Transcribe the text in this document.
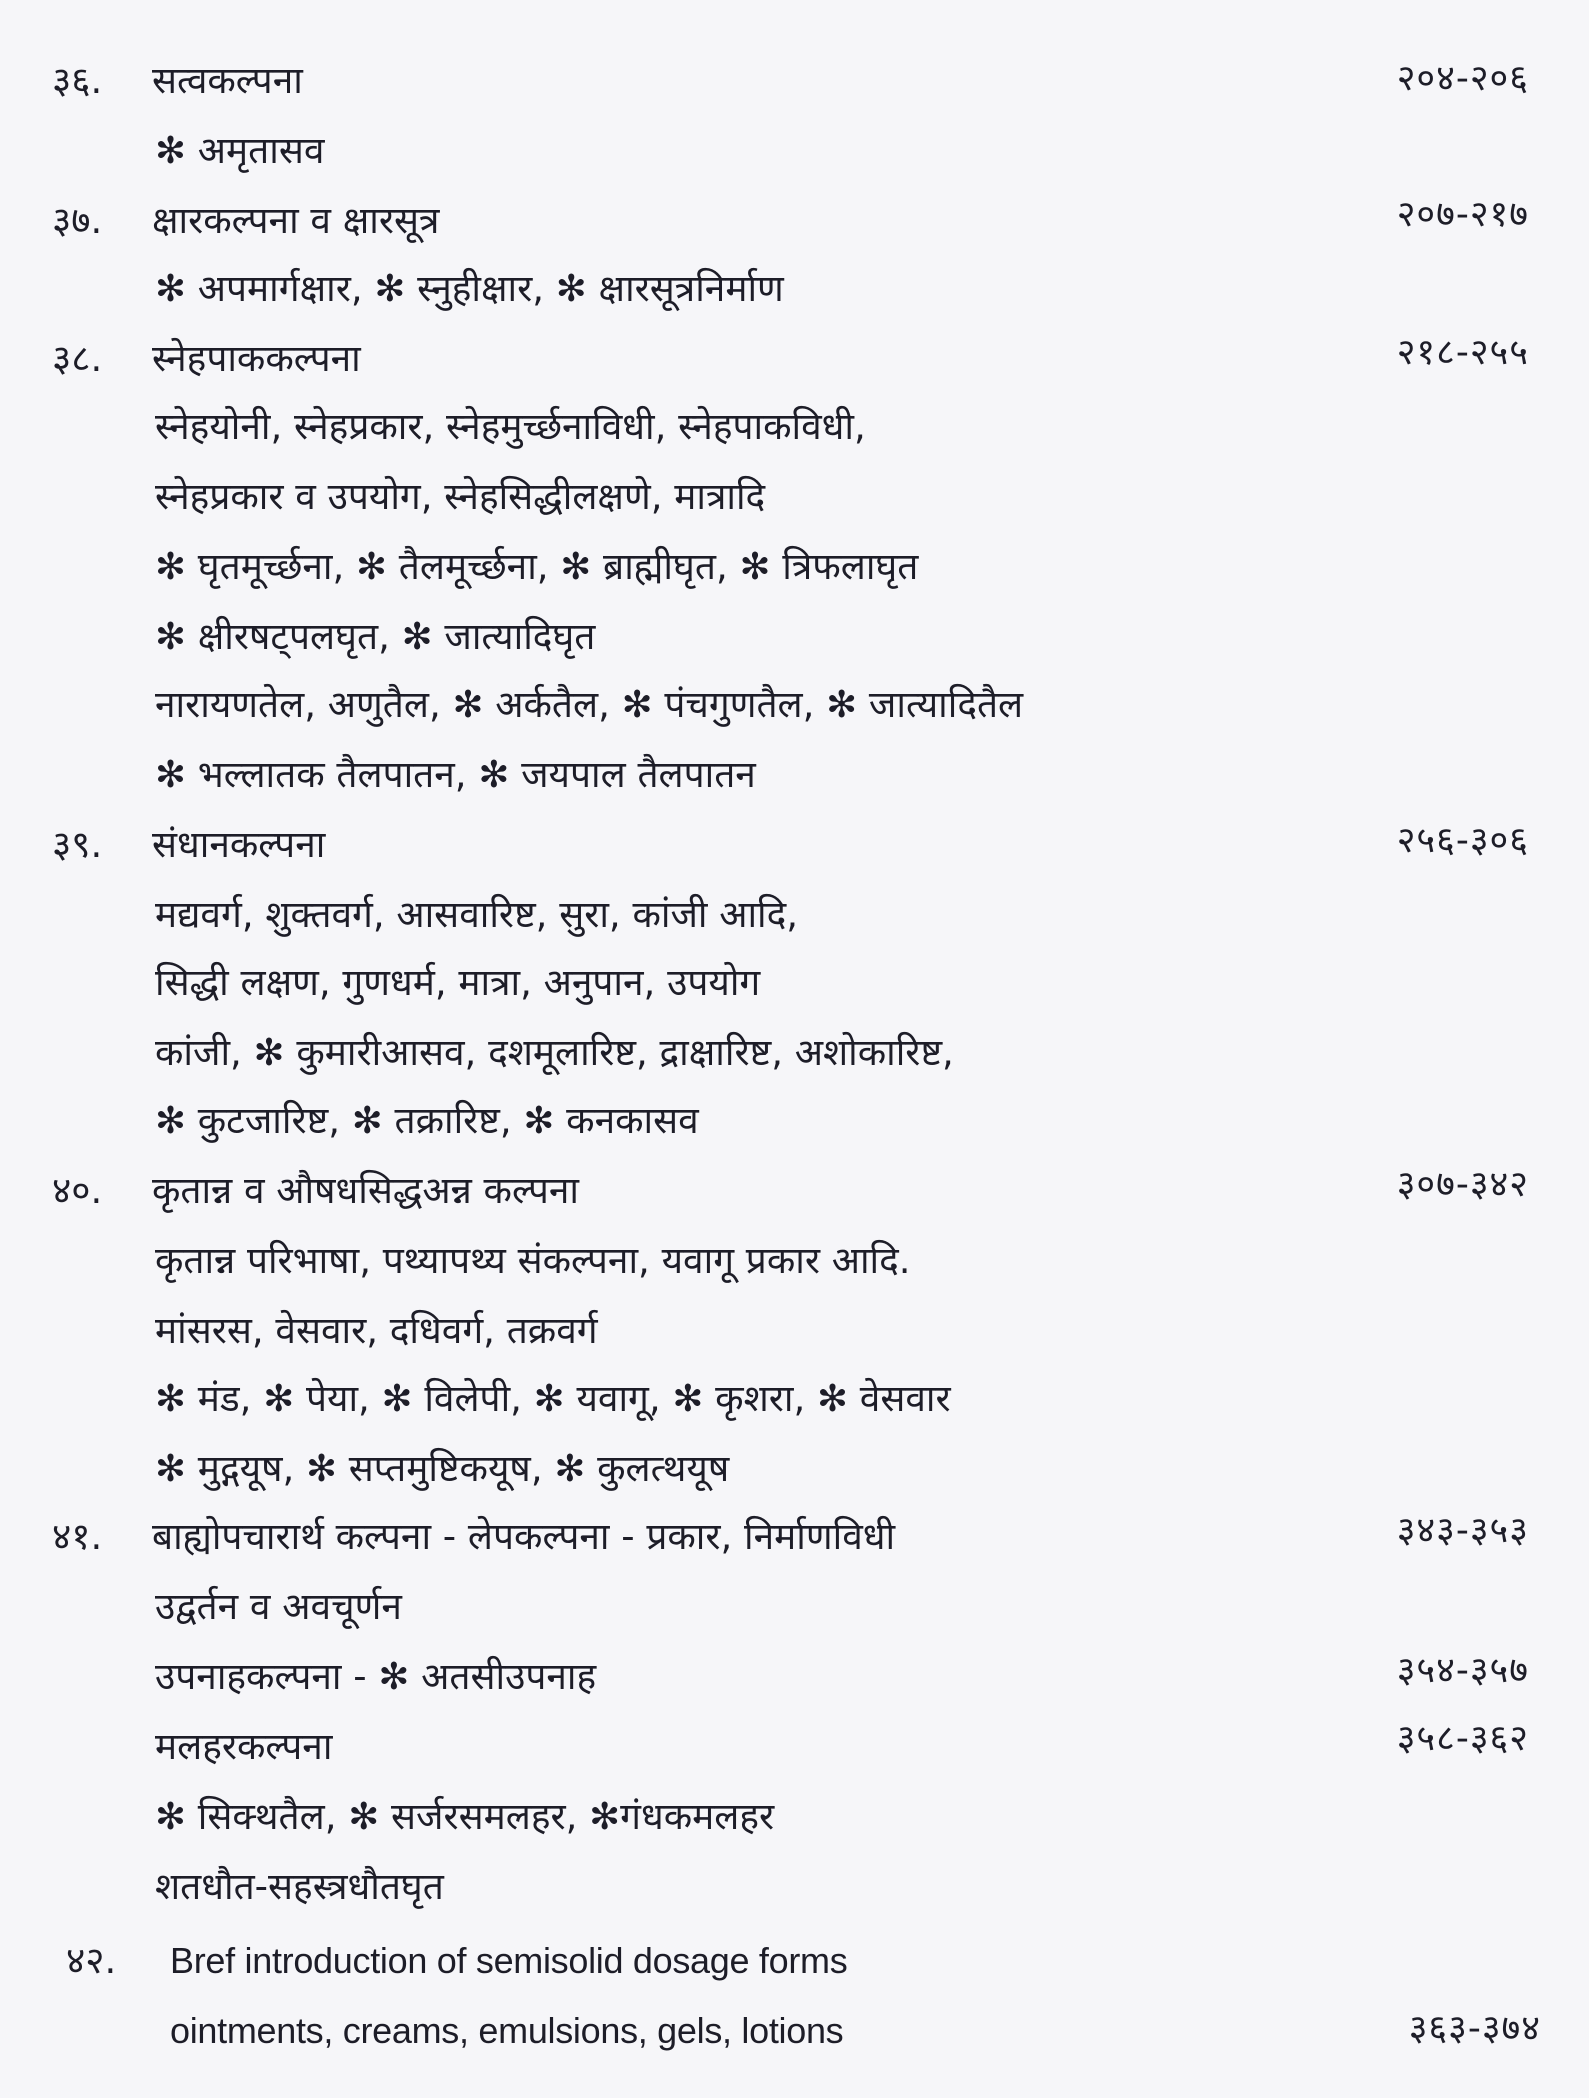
३६.	सत्वकल्पना	२०४-२०६
✻ अमृतासव
३७.	क्षारकल्पना व क्षारसूत्र	२०७-२१७
✻ अपमार्गक्षार, ✻ स्नुहीक्षार, ✻ क्षारसूत्रनिर्माण
३८.	स्नेहपाककल्पना	२१८-२५५
स्नेहयोनी, स्नेहप्रकार, स्नेहमुर्च्छनाविधी, स्नेहपाकविधी,
स्नेहप्रकार व उपयोग, स्नेहसिद्धीलक्षणे, मात्रादि
✻ घृतमूर्च्छना, ✻ तैलमूर्च्छना, ✻ ब्राह्मीघृत, ✻ त्रिफलाघृत
✻ क्षीरषट्पलघृत, ✻ जात्यादिघृत
नारायणतेल, अणुतैल, ✻ अर्कतैल, ✻ पंचगुणतैल, ✻ जात्यादितैल
✻ भल्लातक तैलपातन, ✻ जयपाल तैलपातन
३९.	संधानकल्पना	२५६-३०६
मद्यवर्ग, शुक्तवर्ग, आसवारिष्ट, सुरा, कांजी आदि,
सिद्धी लक्षण, गुणधर्म, मात्रा, अनुपान, उपयोग
कांजी, ✻ कुमारीआसव, दशमूलारिष्ट, द्राक्षारिष्ट, अशोकारिष्ट,
✻ कुटजारिष्ट, ✻ तक्रारिष्ट, ✻ कनकासव
४०.	कृतान्न व औषधसिद्धअन्न कल्पना	३०७-३४२
कृतान्न परिभाषा, पथ्यापथ्य संकल्पना, यवागू प्रकार आदि.
मांसरस, वेसवार, दधिवर्ग, तक्रवर्ग
✻ मंड, ✻ पेया, ✻ विलेपी, ✻ यवागू, ✻ कृशरा, ✻ वेसवार
✻ मुद्गयूष, ✻ सप्तमुष्टिकयूष, ✻ कुलत्थयूष
४१.	बाह्योपचारार्थ कल्पना - लेपकल्पना - प्रकार, निर्माणविधी	३४३-३५३
उद्वर्तन व अवचूर्णन
उपनाहकल्पना - ✻ अतसीउपनाह	३५४-३५७
मलहरकल्पना	३५८-३६२
✻ सिक्थतैल, ✻ सर्जरसमलहर, ✻गंधकमलहर
शतधौत-सहस्त्रधौतघृत
४२.	Bref introduction of semisolid dosage forms
ointments, creams, emulsions, gels, lotions	३६३-३७४
